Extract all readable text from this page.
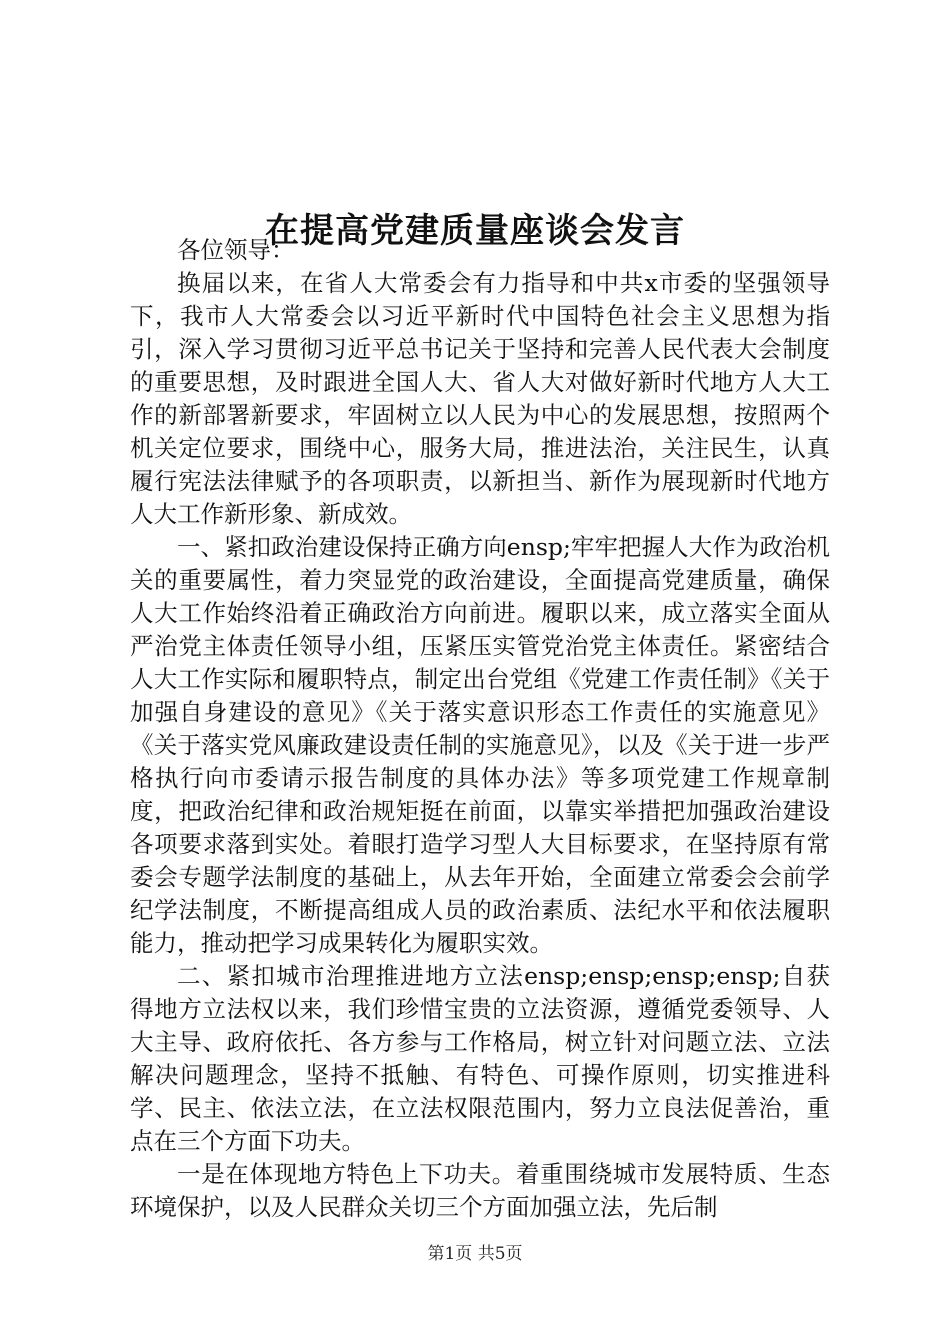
在提高党建质量座谈会发言

各位领导：

换届以来，在省人大常委会有力指导和中共x市委的坚强领导下，我市人大常委会以习近平新时代中国特色社会主义思想为指引，深入学习贯彻习近平总书记关于坚持和完善人民代表大会制度的重要思想，及时跟进全国人大、省人大对做好新时代地方人大工作的新部署新要求，牢固树立以人民为中心的发展思想，按照两个机关定位要求，围绕中心，服务大局，推进法治，关注民生，认真履行宪法法律赋予的各项职责，以新担当、新作为展现新时代地方人大工作新形象、新成效。

一、紧扣政治建设保持正确方向ensp;牢牢把握人大作为政治机关的重要属性，着力突显党的政治建设，全面提高党建质量，确保人大工作始终沿着正确政治方向前进。履职以来，成立落实全面从严治党主体责任领导小组，压紧压实管党治党主体责任。紧密结合人大工作实际和履职特点，制定出台党组《党建工作责任制》《关于加强自身建设的意见》《关于落实意识形态工作责任的实施意见》《关于落实党风廉政建设责任制的实施意见》，以及《关于进一步严格执行向市委请示报告制度的具体办法》等多项党建工作规章制度，把政治纪律和政治规矩挺在前面，以靠实举措把加强政治建设各项要求落到实处。着眼打造学习型人大目标要求，在坚持原有常委会专题学法制度的基础上，从去年开始，全面建立常委会会前学纪学法制度，不断提高组成人员的政治素质、法纪水平和依法履职能力，推动把学习成果转化为履职实效。

二、紧扣城市治理推进地方立法ensp;ensp;ensp;ensp;自获得地方立法权以来，我们珍惜宝贵的立法资源，遵循党委领导、人大主导、政府依托、各方参与工作格局，树立针对问题立法、立法解决问题理念，坚持不抵触、有特色、可操作原则，切实推进科学、民主、依法立法，在立法权限范围内，努力立良法促善治，重点在三个方面下功夫。

一是在体现地方特色上下功夫。着重围绕城市发展特质、生态环境保护，以及人民群众关切三个方面加强立法，先后制

第1页 共5页
